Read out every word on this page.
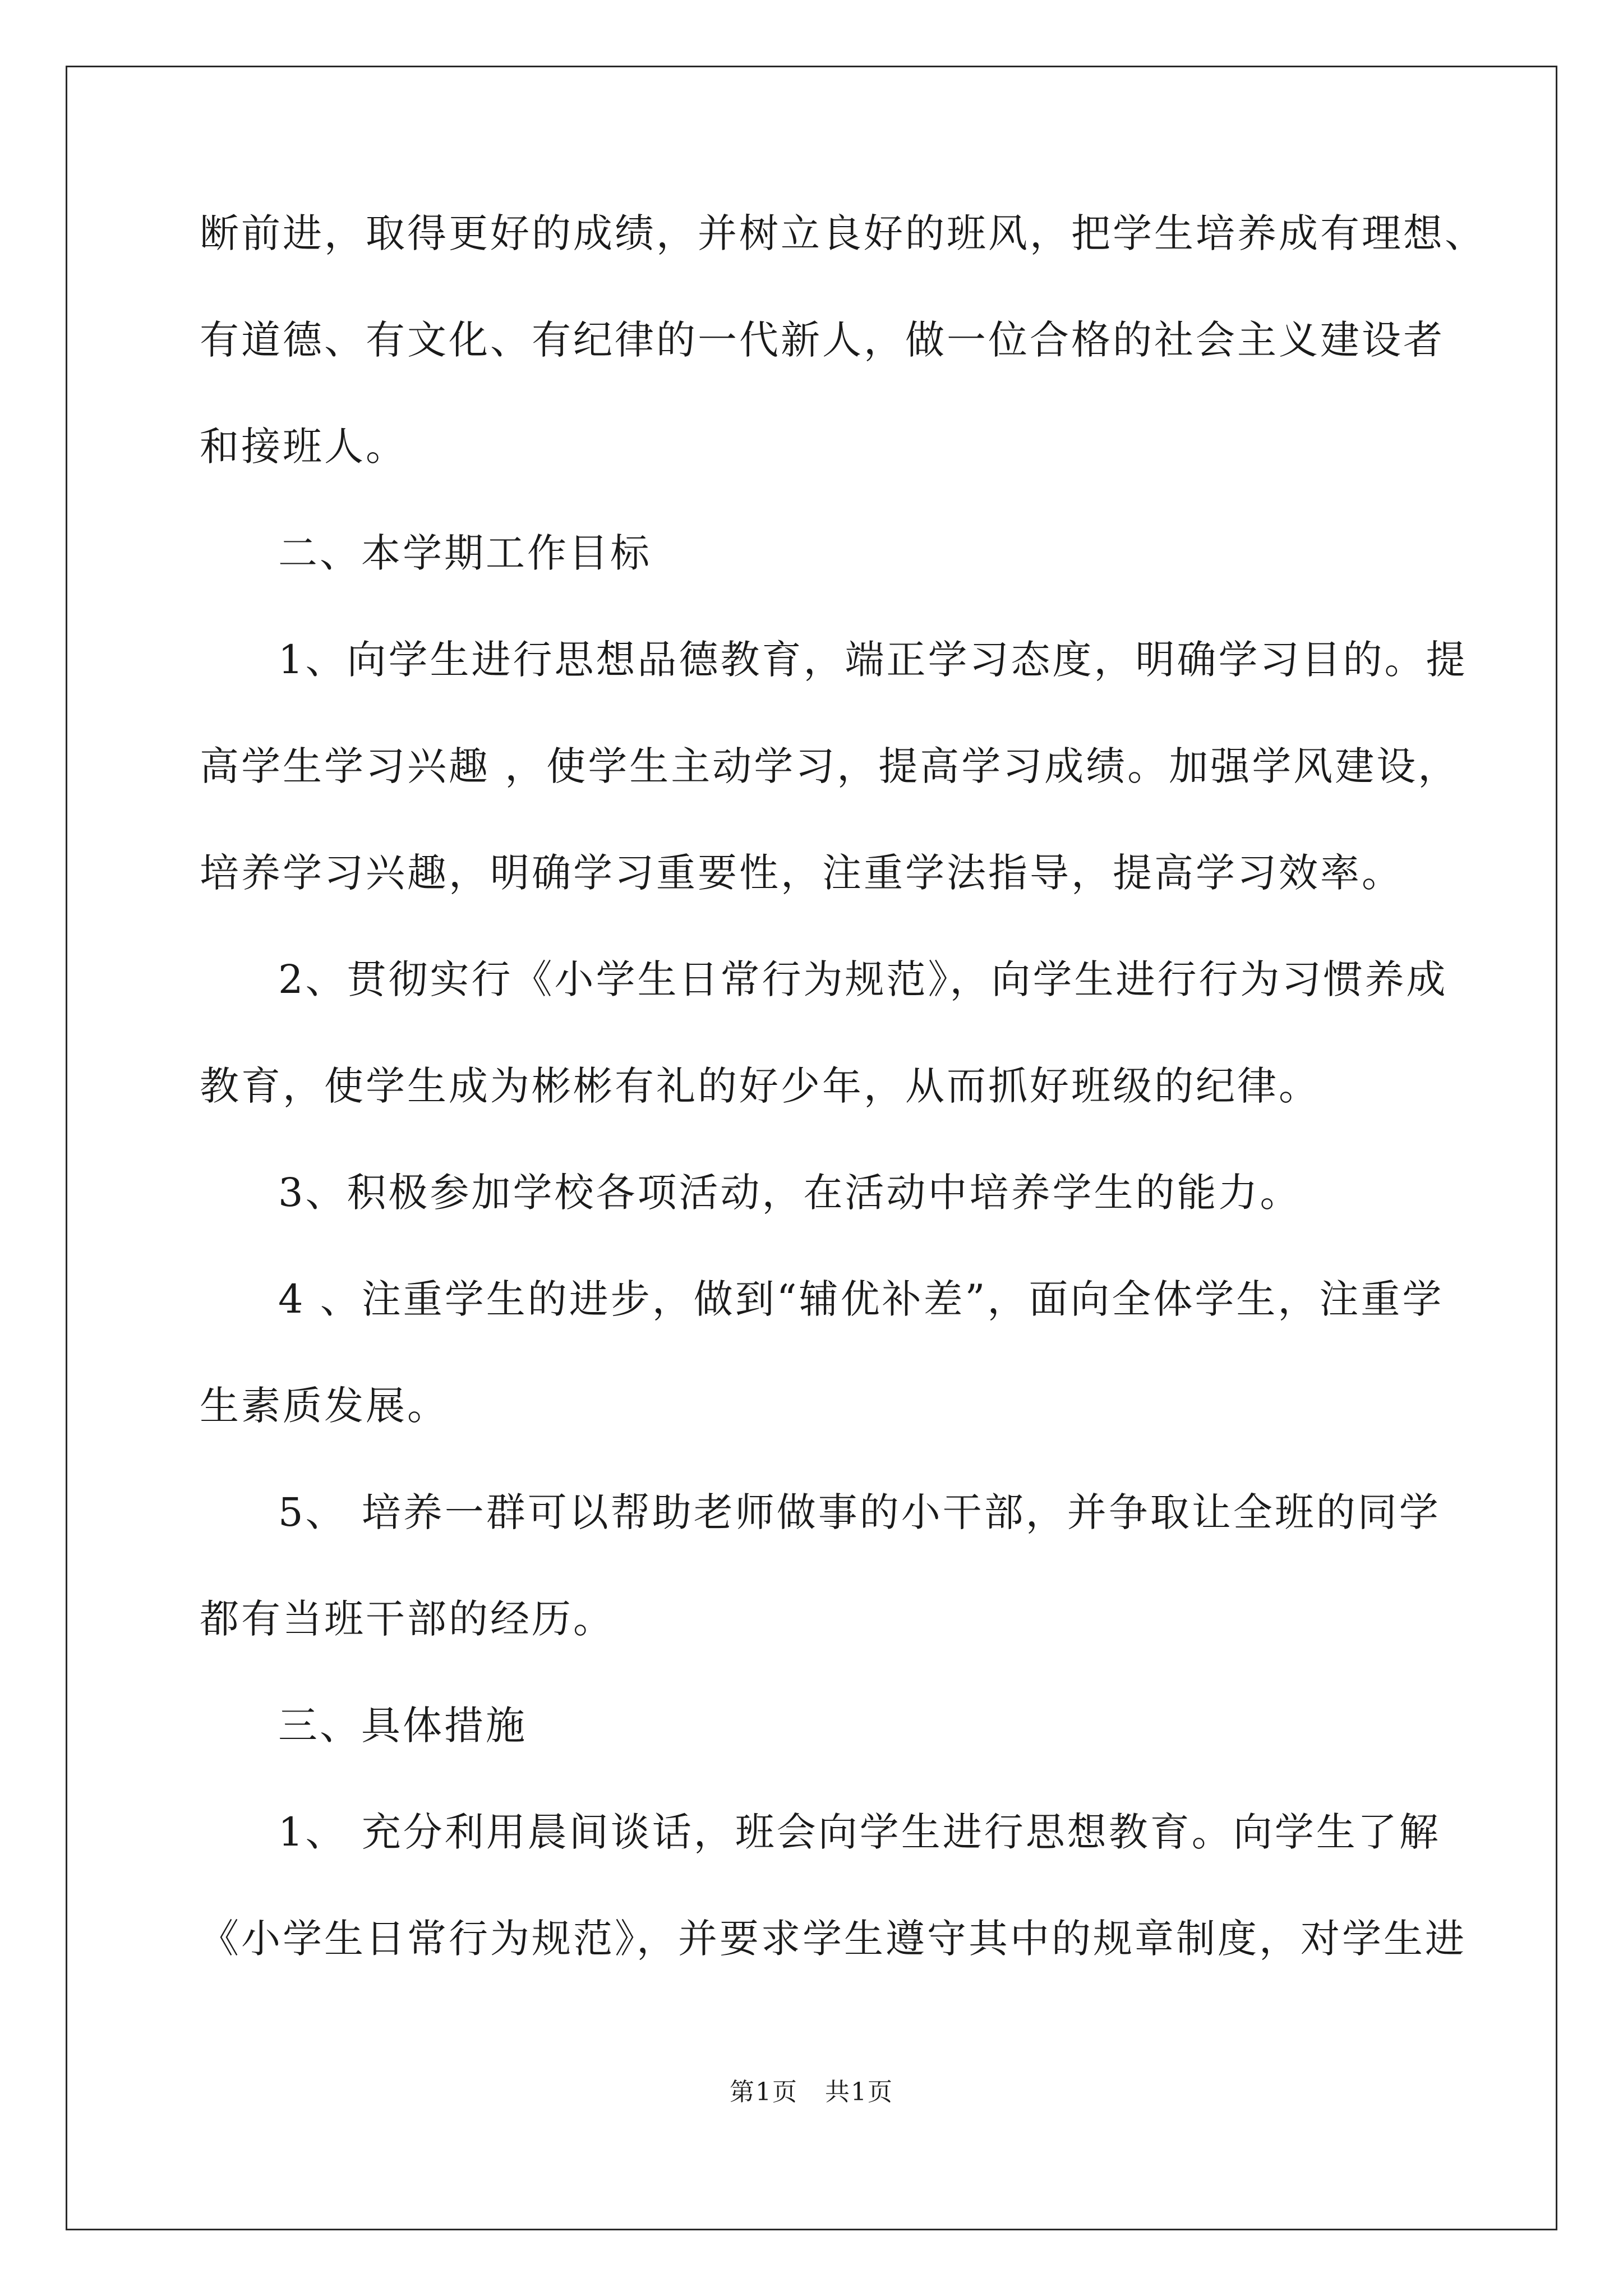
断前进，取得更好的成绩，并树立良好的班风，把学生培养成有理想、
有道德、有文化、有纪律的一代新人，做一位合格的社会主义建设者
和接班人。
二、本学期工作目标
1、向学生进行思想品德教育，端正学习态度，明确学习目的。提
高学生学习兴趣 ，使学生主动学习，提高学习成绩。加强学风建设，
培养学习兴趣，明确学习重要性，注重学法指导，提高学习效率。
2、贯彻实行《小学生日常行为规范》，向学生进行行为习惯养成
教育，使学生成为彬彬有礼的好少年，从而抓好班级的纪律。
3、积极参加学校各项活动，在活动中培养学生的能力。
4 、注重学生的进步，做到“辅优补差”，面向全体学生，注重学
生素质发展。
5、 培养一群可以帮助老师做事的小干部，并争取让全班的同学
都有当班干部的经历。
三、具体措施
1、 充分利用晨间谈话，班会向学生进行思想教育。向学生了解
《小学生日常行为规范》，并要求学生遵守其中的规章制度，对学生进
第1页 共1页
